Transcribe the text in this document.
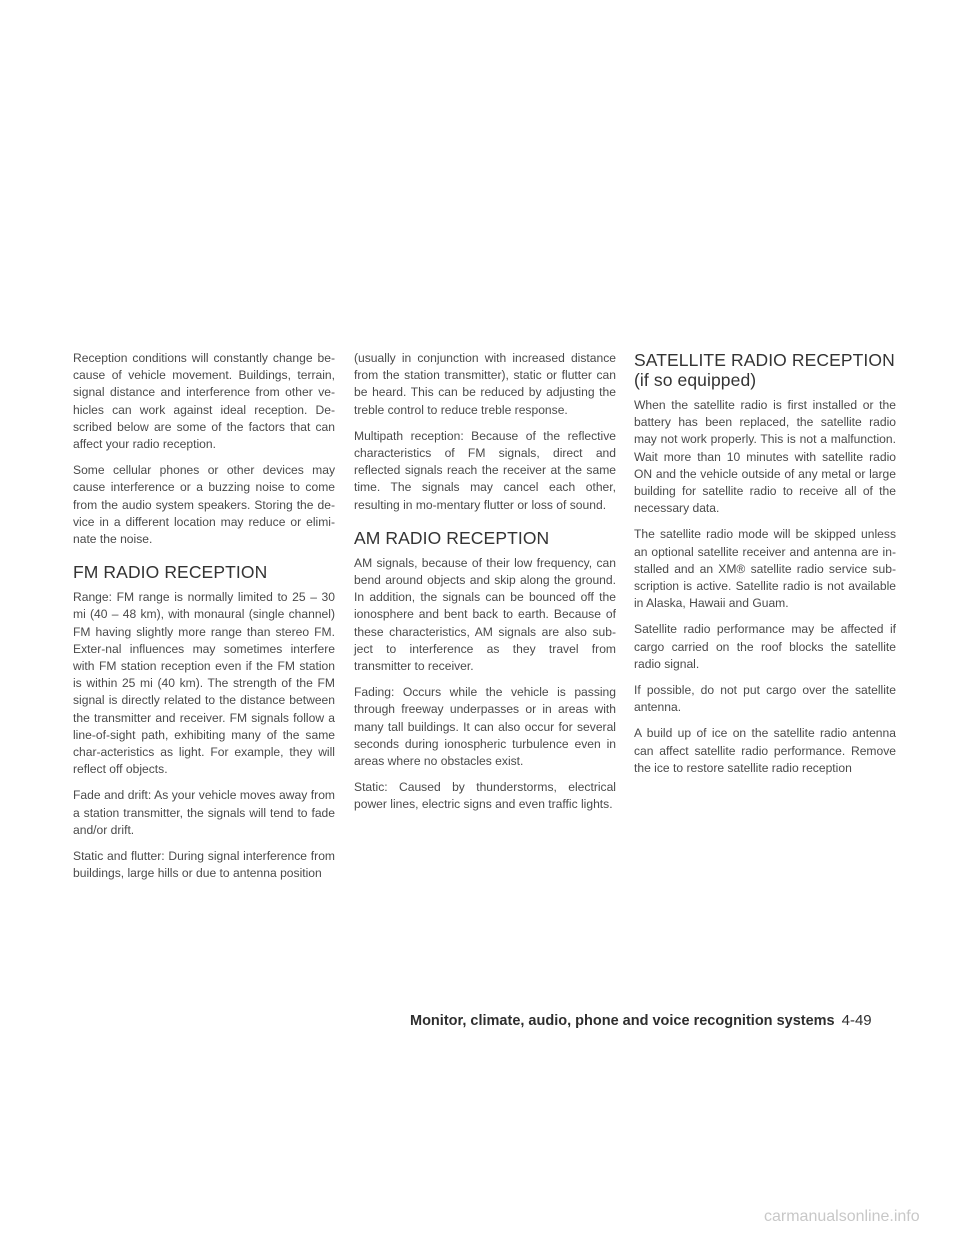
Reception conditions will constantly change be-cause of vehicle movement. Buildings, terrain, signal distance and interference from other ve-hicles can work against ideal reception. De-scribed below are some of the factors that can affect your radio reception.

Some cellular phones or other devices may cause interference or a buzzing noise to come from the audio system speakers. Storing the de-vice in a different location may reduce or elimi-nate the noise.

FM RADIO RECEPTION

Range: FM range is normally limited to 25 – 30 mi (40 – 48 km), with monaural (single channel) FM having slightly more range than stereo FM. Exter-nal influences may sometimes interfere with FM station reception even if the FM station is within 25 mi (40 km). The strength of the FM signal is directly related to the distance between the transmitter and receiver. FM signals follow a line-of-sight path, exhibiting many of the same char-acteristics as light. For example, they will reflect off objects.

Fade and drift: As your vehicle moves away from a station transmitter, the signals will tend to fade and/or drift.

Static and flutter: During signal interference from buildings, large hills or due to antenna position

(usually in conjunction with increased distance from the station transmitter), static or flutter can be heard. This can be reduced by adjusting the treble control to reduce treble response.

Multipath reception: Because of the reflective characteristics of FM signals, direct and reflected signals reach the receiver at the same time. The signals may cancel each other, resulting in mo-mentary flutter or loss of sound.

AM RADIO RECEPTION

AM signals, because of their low frequency, can bend around objects and skip along the ground. In addition, the signals can be bounced off the ionosphere and bent back to earth. Because of these characteristics, AM signals are also sub-ject to interference as they travel from transmitter to receiver.

Fading: Occurs while the vehicle is passing through freeway underpasses or in areas with many tall buildings. It can also occur for several seconds during ionospheric turbulence even in areas where no obstacles exist.

Static: Caused by thunderstorms, electrical power lines, electric signs and even traffic lights.

SATELLITE RADIO RECEPTION (if so equipped)

When the satellite radio is first installed or the battery has been replaced, the satellite radio may not work properly. This is not a malfunction. Wait more than 10 minutes with satellite radio ON and the vehicle outside of any metal or large building for satellite radio to receive all of the necessary data.

The satellite radio mode will be skipped unless an optional satellite receiver and antenna are in-stalled and an XM® satellite radio service sub-scription is active. Satellite radio is not available in Alaska, Hawaii and Guam.

Satellite radio performance may be affected if cargo carried on the roof blocks the satellite radio signal.

If possible, do not put cargo over the satellite antenna.

A build up of ice on the satellite radio antenna can affect satellite radio performance. Remove the ice to restore satellite radio reception

Monitor, climate, audio, phone and voice recognition systems 4-49
carmanualsonline.info
